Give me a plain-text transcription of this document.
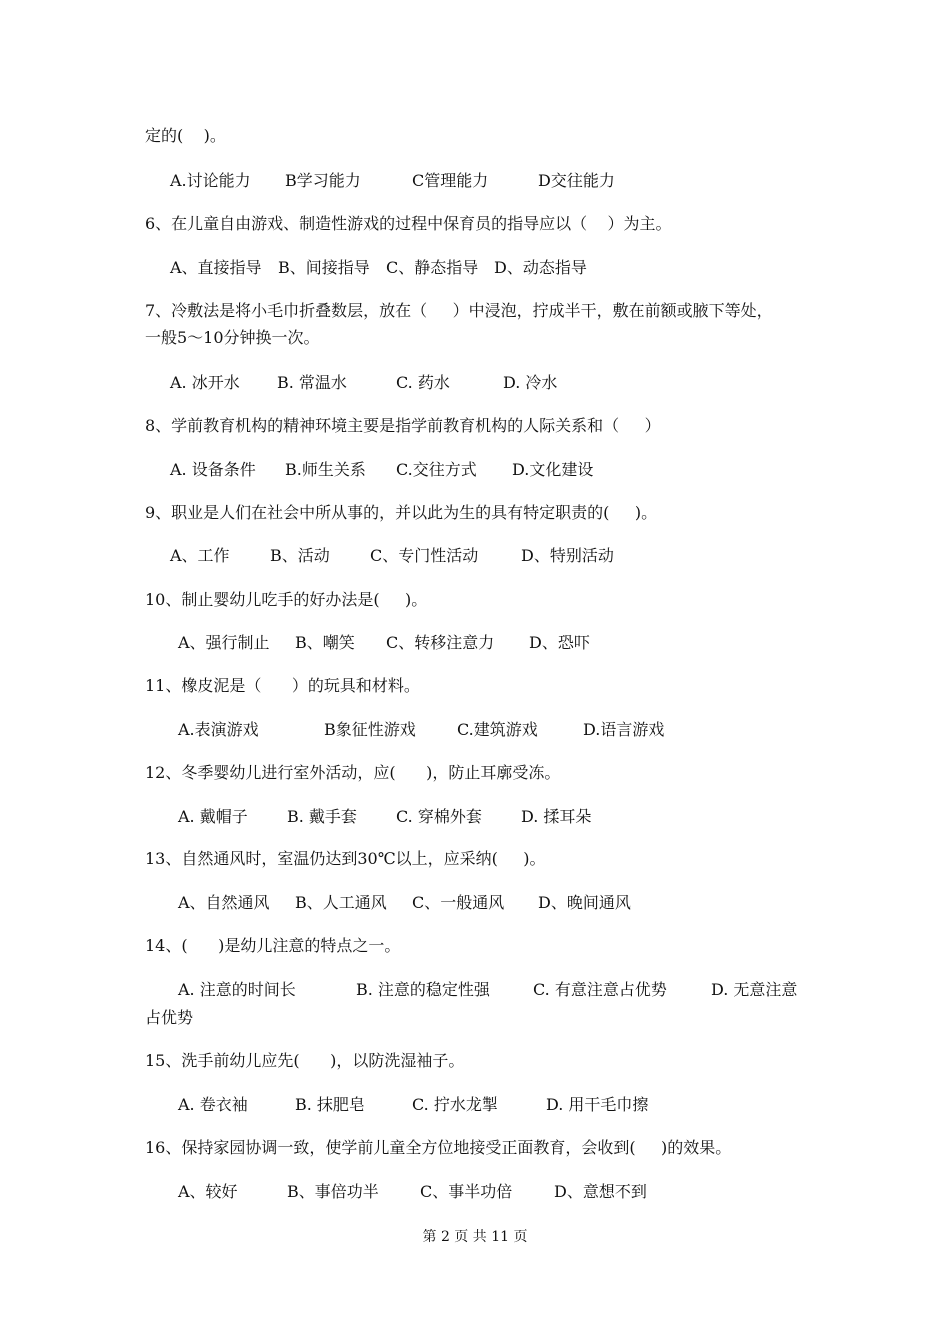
定的(    )。
A.讨论能力 B学习能力	C管理能力	D交往能力
6、在儿童自由游戏、制造性游戏的过程中保育员的指导应以（    ）为主。
A、直接指导 B、间接指导 C、静态指导 D、动态指导
7、冷敷法是将小毛巾折叠数层，放在（     ）中浸泡，拧成半干，敷在前额或腋下等处，
一般5～10分钟换一次。
A. 冰开水 B. 常温水	C. 药水	D. 冷水
8、学前教育机构的精神环境主要是指学前教育机构的人际关系和（     ）
A. 设备条件 B.师生关系 C.交往方式 D.文化建设
9、职业是人们在社会中所从事的，并以此为生的具有特定职责的(     )。
A、工作	B、活动	C、专门性活动	D、特别活动
10、制止婴幼儿吃手的好办法是(     )。
A、强行制止 B、嘲笑 C、转移注意力 D、恐吓
11、橡皮泥是（      ）的玩具和材料。
A.表演游戏	B象征性游戏	C.建筑游戏	D.语言游戏
12、冬季婴幼儿进行室外活动，应(      )，防止耳廓受冻。
A. 戴帽子 B. 戴手套 C. 穿棉外套 D. 揉耳朵
13、自然通风时，室温仍达到30℃以上，应采纳(     )。
A、自然通风 B、人工通风 C、一般通风 D、晚间通风
14、(      )是幼儿注意的特点之一。
A. 注意的时间长	B. 注意的稳定性强	C. 有意注意占优势	D. 无意注意
占优势
15、洗手前幼儿应先(      )，以防洗湿袖子。
A. 卷衣袖	B. 抹肥皂	C. 拧水龙掣	D. 用干毛巾擦
16、保持家园协调一致，使学前儿童全方位地接受正面教育，会收到(     )的效果。
A、较好	B、事倍功半	C、事半功倍	D、意想不到
第 2 页 共 11 页
